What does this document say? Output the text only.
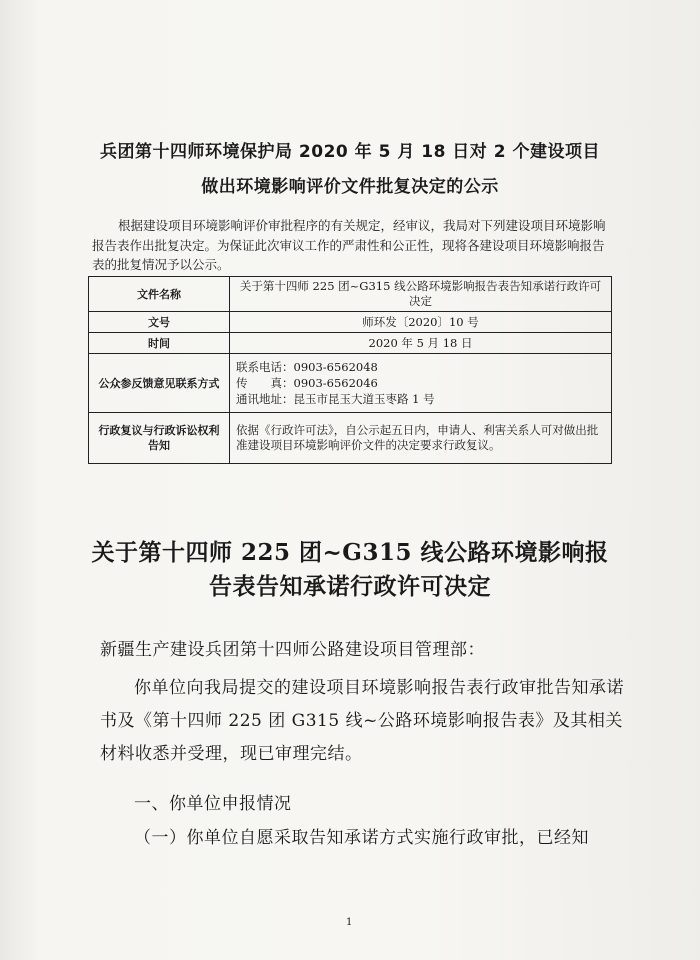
兵团第十四师环境保护局 2020 年 5 月 18 日对 2 个建设项目
做出环境影响评价文件批复决定的公示
根据建设项目环境影响评价审批程序的有关规定，经审议，我局对下列建设项目环境影响报告表作出批复决定。为保证此次审议工作的严肃性和公正性，现将各建设项目环境影响报告表的批复情况予以公示。
文件名称	关于第十四师 225 团~G315 线公路环境影响报告表告知承诺行政许可决定
文号	师环发〔2020〕10 号
时间	2020 年 5 月 18 日
公众参反馈意见联系方式	联系电话：0903-6562048
传　　真：0903-6562046
通讯地址：昆玉市昆玉大道玉枣路 1 号

行政复议与行政诉讼权利告知	依据《行政许可法》，自公示起五日内，申请人、利害关系人可对做出批准建设项目环境影响评价文件的决定要求行政复议。
关于第十四师 225 团~G315 线公路环境影响报
告表告知承诺行政许可决定
新疆生产建设兵团第十四师公路建设项目管理部：
你单位向我局提交的建设项目环境影响报告表行政审批告知承诺书及《第十四师 225 团 G315 线~公路环境影响报告表》及其相关材料收悉并受理，现已审理完结。
一、你单位申报情况
（一）你单位自愿采取告知承诺方式实施行政审批，已经知
1
